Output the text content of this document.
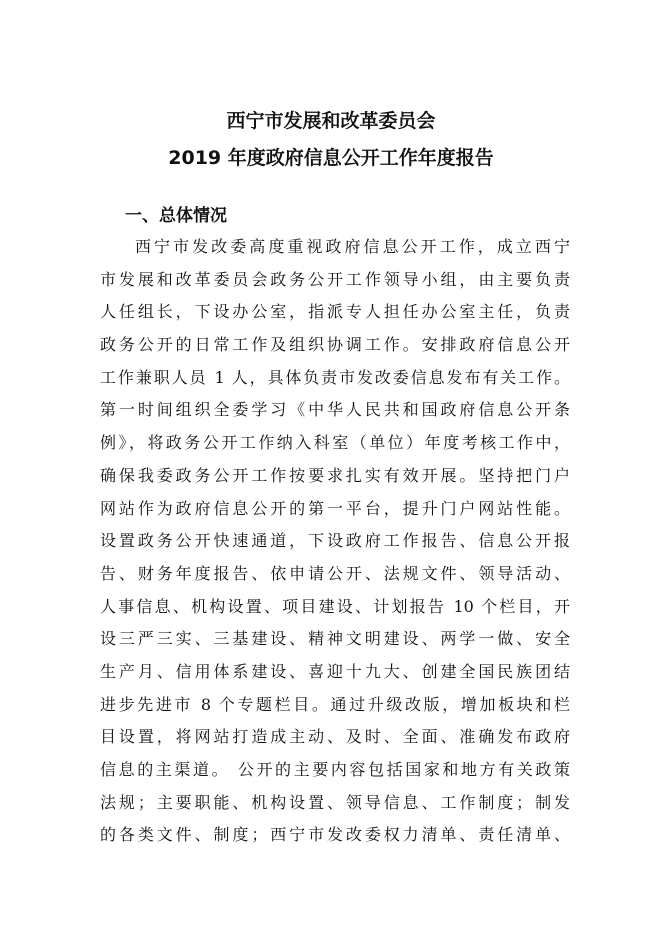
西宁市发展和改革委员会
2019 年度政府信息公开工作年度报告
一、总体情况
西宁市发改委高度重视政府信息公开工作，成立西宁
市发展和改革委员会政务公开工作领导小组，由主要负责
人任组长，下设办公室，指派专人担任办公室主任，负责
政务公开的日常工作及组织协调工作。安排政府信息公开
工作兼职人员 1 人，具体负责市发改委信息发布有关工作。
第一时间组织全委学习《中华人民共和国政府信息公开条
例》，将政务公开工作纳入科室（单位）年度考核工作中，
确保我委政务公开工作按要求扎实有效开展。坚持把门户
网站作为政府信息公开的第一平台，提升门户网站性能。
设置政务公开快速通道，下设政府工作报告、信息公开报
告、财务年度报告、依申请公开、法规文件、领导活动、
人事信息、机构设置、项目建设、计划报告 10 个栏目，开
设三严三实、三基建设、精神文明建设、两学一做、安全
生产月、信用体系建设、喜迎十九大、创建全国民族团结
进步先进市 8 个专题栏目。通过升级改版，增加板块和栏
目设置，将网站打造成主动、及时、全面、准确发布政府
信息的主渠道。 公开的主要内容包括国家和地方有关政策
法规；主要职能、机构设置、领导信息、工作制度；制发
的各类文件、制度；西宁市发改委权力清单、责任清单、
